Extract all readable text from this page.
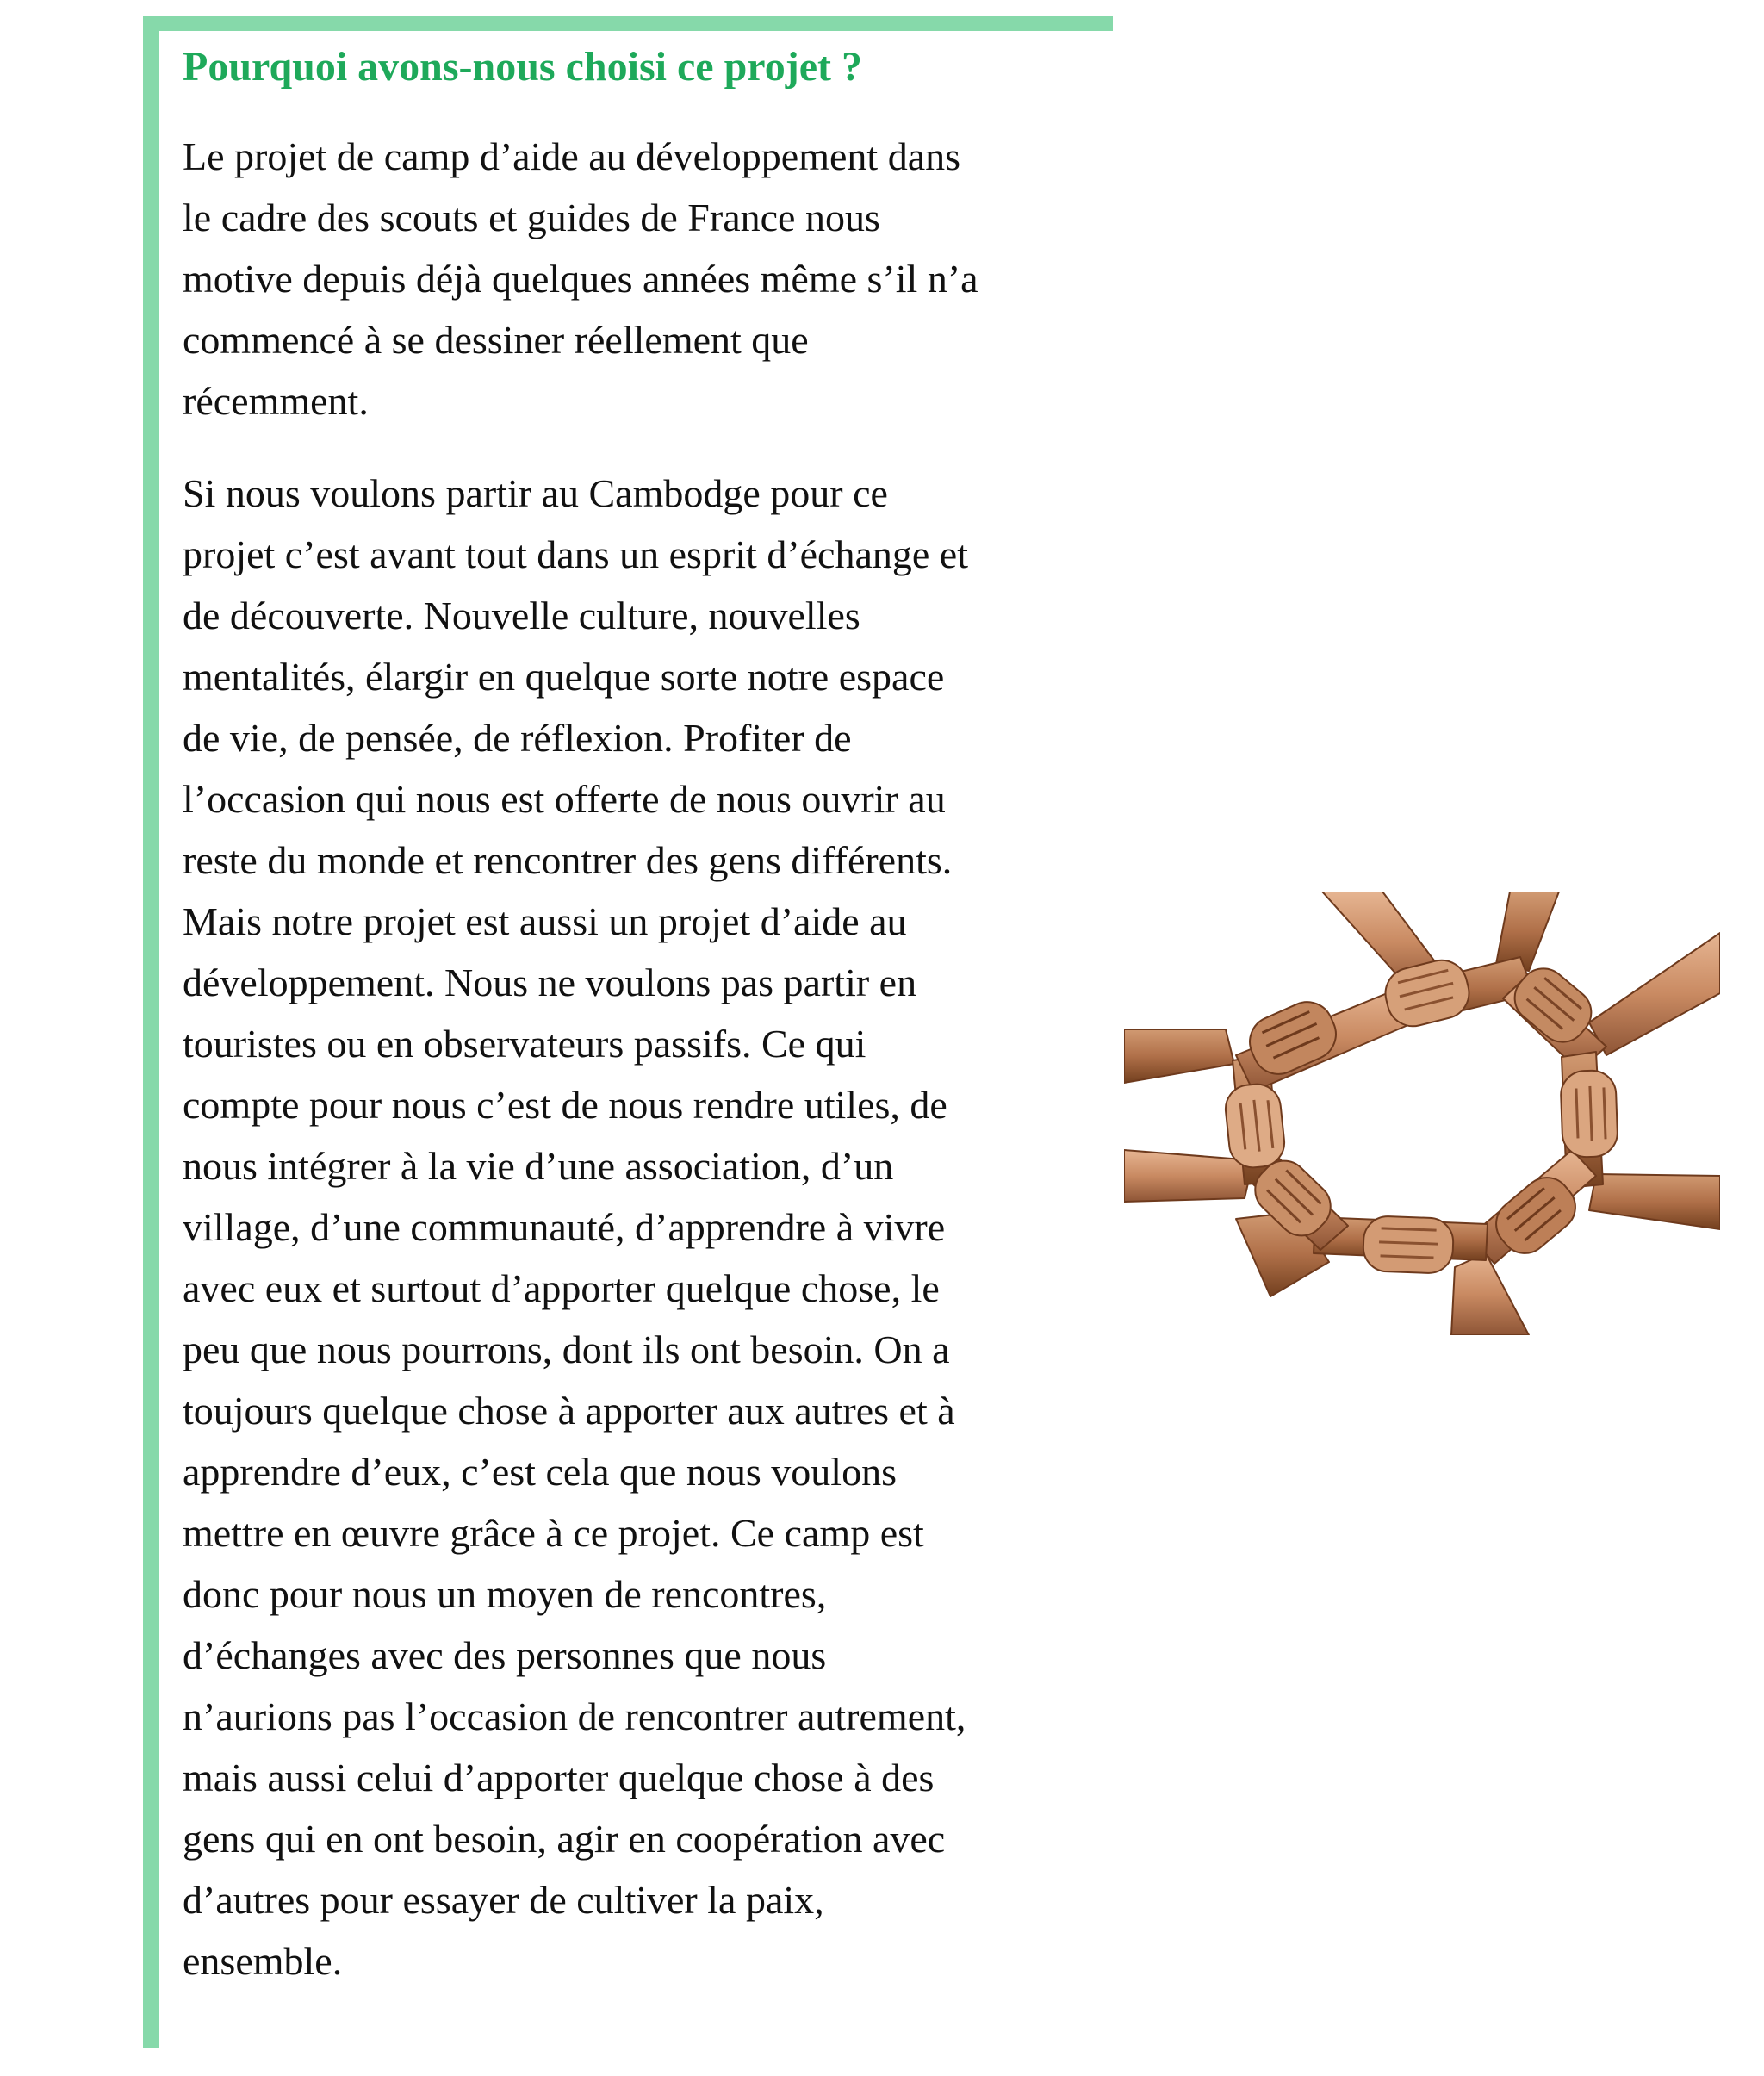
Pourquoi avons-nous choisi ce projet ?

Le projet de camp d’aide au développement dans
le cadre des scouts et guides de France nous
motive depuis déjà quelques années même s’il n’a
commencé à se dessiner réellement que
récemment.

Si nous voulons partir au Cambodge pour ce
projet c’est avant tout dans un esprit d’échange et
de découverte. Nouvelle culture, nouvelles
mentalités, élargir en quelque sorte notre espace
de vie, de pensée, de réflexion. Profiter de
l’occasion qui nous est offerte de nous ouvrir au
reste du monde et rencontrer des gens différents.
Mais notre projet est aussi un projet d’aide au
développement. Nous ne voulons pas partir en
touristes ou en observateurs passifs. Ce qui
compte pour nous c’est de nous rendre utiles, de
nous intégrer à la vie d’une association, d’un
village, d’une communauté, d’apprendre à vivre
avec eux et surtout d’apporter quelque chose, le
peu que nous pourrons, dont ils ont besoin. On a
toujours quelque chose à apporter aux autres et à
apprendre d’eux, c’est cela que nous voulons
mettre en œuvre grâce à ce projet. Ce camp est
donc pour nous un moyen de rencontres,
d’échanges avec des personnes que nous
n’aurions pas l’occasion de rencontrer autrement,
mais aussi celui d’apporter quelque chose à des
gens qui en ont besoin, agir en coopération avec
d’autres pour essayer de cultiver la paix,
ensemble.
